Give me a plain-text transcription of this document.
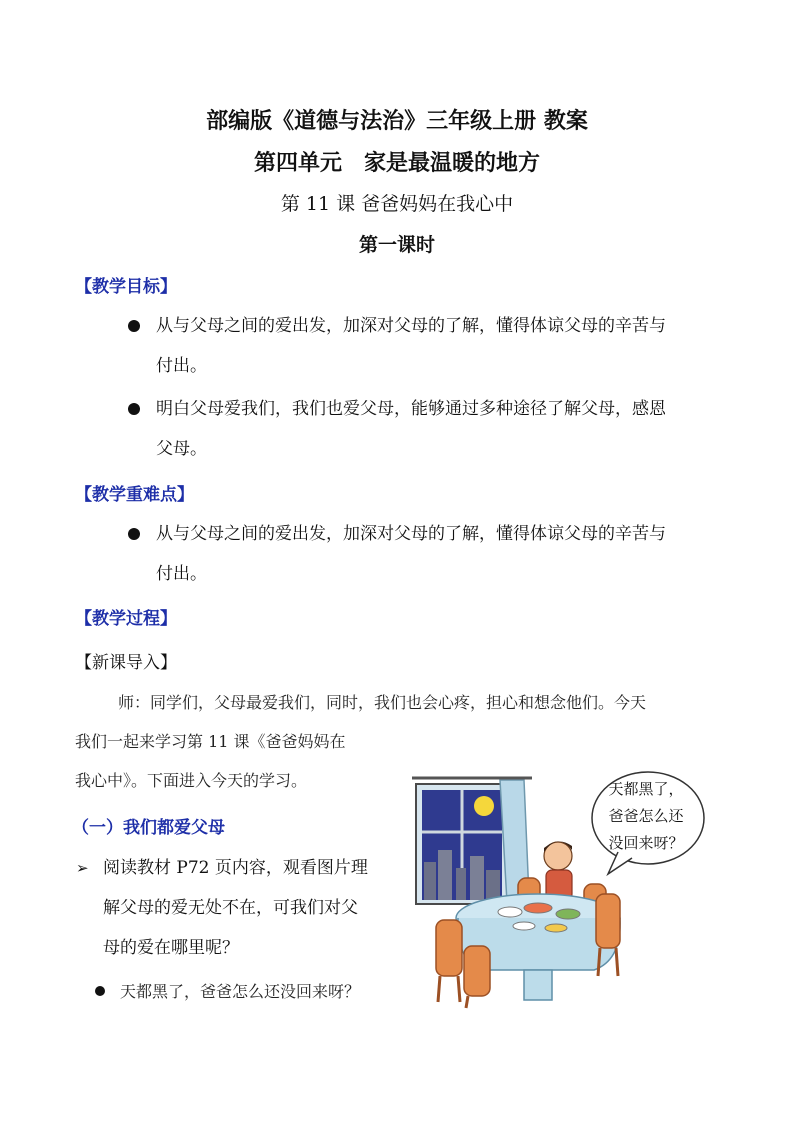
部编版《道德与法治》三年级上册 教案
第四单元　家是最温暖的地方
第 11 课 爸爸妈妈在我心中
第一课时
【教学目标】
从与父母之间的爱出发，加深对父母的了解，懂得体谅父母的辛苦与
付出。
明白父母爱我们，我们也爱父母，能够通过多种途径了解父母，感恩
父母。
【教学重难点】
从与父母之间的爱出发，加深对父母的了解，懂得体谅父母的辛苦与
付出。
【教学过程】
【新课导入】
师：同学们，父母最爱我们，同时，我们也会心疼，担心和想念他们。今天
我们一起来学习第 11 课《爸爸妈妈在
我心中》。下面进入今天的学习。
（一）我们都爱父母
➢ 阅读教材 P72 页内容，观看图片理
解父母的爱无处不在，可我们对父
母的爱在哪里呢？
天都黑了，爸爸怎么还没回来呀？
天都黑了，
爸爸怎么还
没回来呀？
